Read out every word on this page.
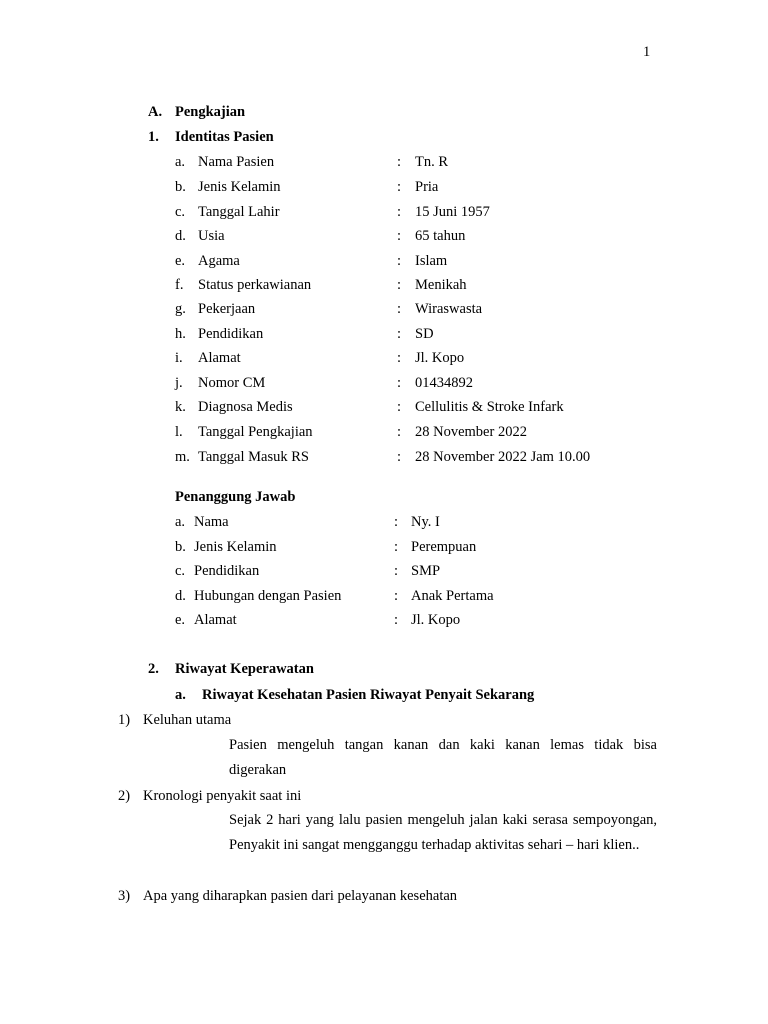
1
A. Pengkajian
1. Identitas Pasien
a. Nama Pasien	: Tn. R
b. Jenis Kelamin	: Pria
c. Tanggal Lahir	: 15 Juni 1957
d. Usia	: 65 tahun
e. Agama	: Islam
f. Status perkawianan	: Menikah
g. Pekerjaan	: Wiraswasta
h. Pendidikan	: SD
i. Alamat	: Jl. Kopo
j. Nomor CM	: 01434892
k. Diagnosa Medis	: Cellulitis & Stroke Infark
l. Tanggal Pengkajian	: 28 November 2022
m. Tanggal Masuk RS	: 28 November 2022 Jam 10.00
Penanggung Jawab
a. Nama	: Ny. I
b. Jenis Kelamin	: Perempuan
c. Pendidikan	: SMP
d. Hubungan dengan Pasien	: Anak Pertama
e. Alamat	: Jl. Kopo
2. Riwayat Keperawatan
a. Riwayat Kesehatan Pasien Riwayat Penyait Sekarang
1) Keluhan utama
Pasien mengeluh tangan kanan dan kaki kanan lemas tidak bisa digerakan
2) Kronologi penyakit saat ini
Sejak 2 hari yang lalu pasien mengeluh jalan kaki serasa sempoyongan, Penyakit ini sangat mengganggu terhadap aktivitas sehari – hari klien..
3) Apa yang diharapkan pasien dari pelayanan kesehatan
